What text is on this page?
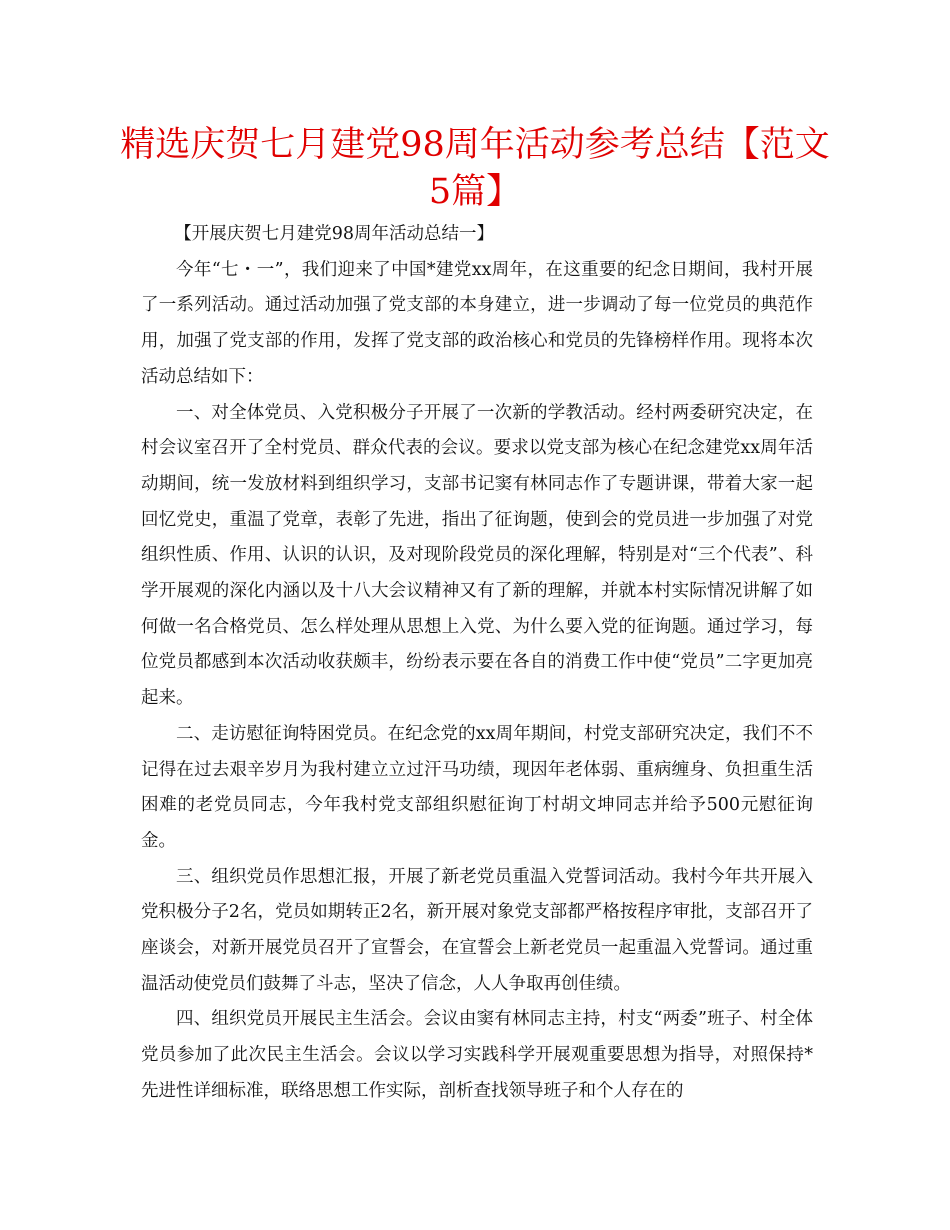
精选庆贺七月建党98周年活动参考总结【范文5篇】

【开展庆贺七月建党98周年活动总结一】

今年“七・一”，我们迎来了中国*建党xx周年，在这重要的纪念日期间，我村开展了一系列活动。通过活动加强了党支部的本身建立，进一步调动了每一位党员的典范作用，加强了党支部的作用，发挥了党支部的政治核心和党员的先锋榜样作用。现将本次活动总结如下：

一、对全体党员、入党积极分子开展了一次新的学教活动。经村两委研究决定，在村会议室召开了全村党员、群众代表的会议。要求以党支部为核心在纪念建党xx周年活动期间，统一发放材料到组织学习，支部书记窦有林同志作了专题讲课，带着大家一起回忆党史，重温了党章，表彰了先进，指出了征询题，使到会的党员进一步加强了对党组织性质、作用、认识的认识，及对现阶段党员的深化理解，特别是对“三个代表”、科学开展观的深化内涵以及十八大会议精神又有了新的理解，并就本村实际情况讲解了如何做一名合格党员、怎么样处理从思想上入党、为什么要入党的征询题。通过学习，每位党员都感到本次活动收获颇丰，纷纷表示要在各自的消费工作中使“党员”二字更加亮起来。

二、走访慰征询特困党员。在纪念党的xx周年期间，村党支部研究决定，我们不不记得在过去艰辛岁月为我村建立立过汗马功绩，现因年老体弱、重病缠身、负担重生活困难的老党员同志，今年我村党支部组织慰征询丁村胡文坤同志并给予500元慰征询金。

三、组织党员作思想汇报，开展了新老党员重温入党誓词活动。我村今年共开展入党积极分子2名，党员如期转正2名，新开展对象党支部都严格按程序审批，支部召开了座谈会，对新开展党员召开了宣誓会，在宣誓会上新老党员一起重温入党誓词。通过重温活动使党员们鼓舞了斗志，坚决了信念，人人争取再创佳绩。

四、组织党员开展民主生活会。会议由窦有林同志主持，村支“两委”班子、村全体党员参加了此次民主生活会。会议以学习实践科学开展观重要思想为指导，对照保持*先进性详细标准，联络思想工作实际，剖析查找领导班子和个人存在的
